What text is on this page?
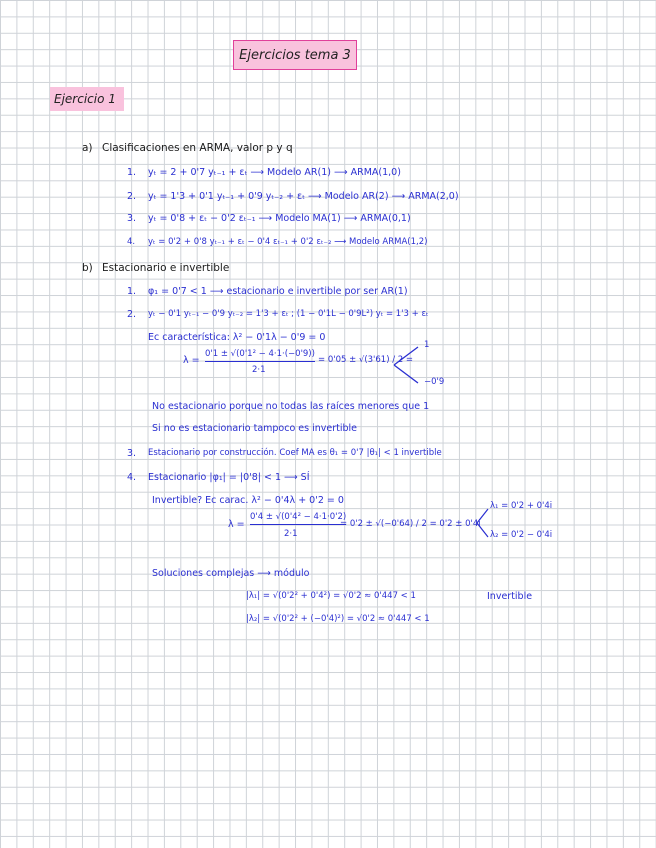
Ejercicios tema 3
Ejercicio 1
a) Clasificaciones en ARMA, valor p y q
1. yₜ = 2 + 0'7 yₜ₋₁ + εₜ ⟶ Modelo AR(1) ⟶ ARMA(1,0)
2. yₜ = 1'3 + 0'1 yₜ₋₁ + 0'9 yₜ₋₂ + εₜ ⟶ Modelo AR(2) ⟶ ARMA(2,0)
3. yₜ = 0'8 + εₜ − 0'2 εₜ₋₁ ⟶ Modelo MA(1) ⟶ ARMA(0,1)
4. yₜ = 0'2 + 0'8 yₜ₋₁ + εₜ − 0'4 εₜ₋₁ + 0'2 εₜ₋₂ ⟶ Modelo ARMA(1,2)
b) Estacionario e invertible
1. φ₁ = 0'7 < 1 ⟶ estacionario e invertible por ser AR(1)
2. yₜ − 0'1 yₜ₋₁ − 0'9 yₜ₋₂ = 1'3 + εₜ ; (1 − 0'1L − 0'9L²) yₜ = 1'3 + εₜ
Ec característica: λ² − 0'1λ − 0'9 = 0
λ =
0'1 ± √(0'1² − 4·1·(−0'9))
2·1
= 0'05 ± √(3'61) / 2 =
1
−0'9
No estacionario porque no todas las raíces menores que 1
Si no es estacionario tampoco es invertible
3. Estacionario por construcción. Coef MA es θ₁ = 0'7 |θ₁| < 1 invertible
4. Estacionario |φ₁| = |0'8| < 1 ⟶ SÍ
Invertible? Ec carac. λ² − 0'4λ + 0'2 = 0
λ =
0'4 ± √(0'4² − 4·1·0'2)
2·1
= 0'2 ± √(−0'64) / 2 = 0'2 ± 0'4i
λ₁ = 0'2 + 0'4i
λ₂ = 0'2 − 0'4i
Soluciones complejas ⟶ módulo
|λ₁| = √(0'2² + 0'4²) = √0'2 ≈ 0'447 < 1	Invertible
|λ₂| = √(0'2² + (−0'4)²) = √0'2 ≈ 0'447 < 1
